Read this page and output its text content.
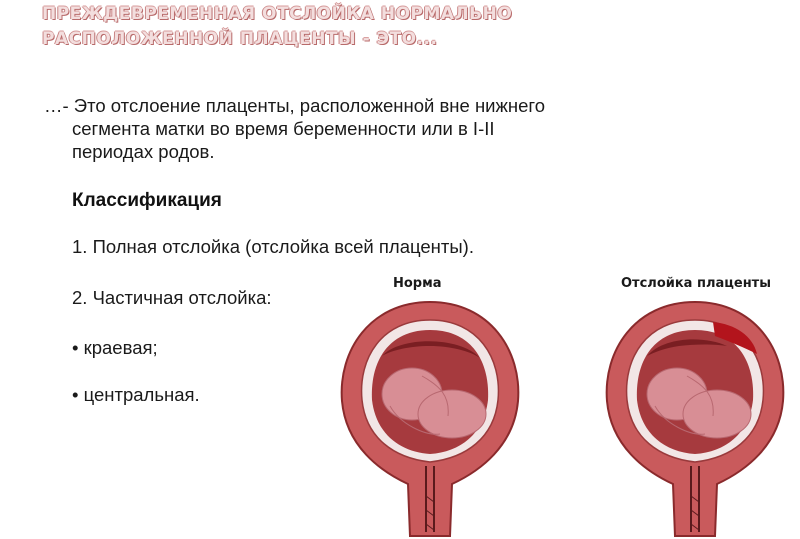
ПРЕЖДЕВРЕМЕННАЯ ОТСЛОЙКА НОРМАЛЬНО
РАСПОЛОЖЕННОЙ ПЛАЦЕНТЫ - ЭТО...
…- Это отслоение плаценты, расположенной вне нижнего
сегмента матки во время беременности или в I-II
периодах родов.
Классификация
1. Полная отслойка (отслойка всей плаценты).
2. Частичная отслойка:
• краевая;
• центральная.
Норма	Отслойка плаценты
